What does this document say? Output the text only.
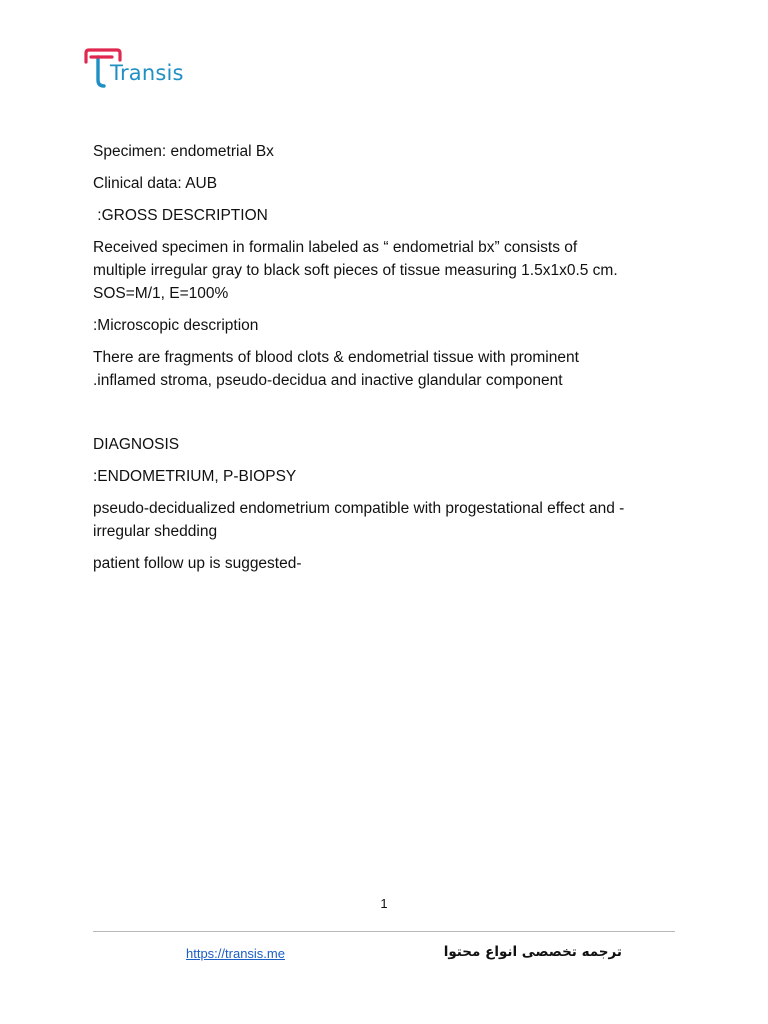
Transis

Specimen: endometrial Bx

Clinical data: AUB

:GROSS DESCRIPTION

Received specimen in formalin labeled as “ endometrial bx” consists of
multiple irregular gray to black soft pieces of tissue measuring 1.5x1x0.5 cm.
SOS=M/1, E=100%

:Microscopic description

There are fragments of blood clots & endometrial tissue with prominent
.inflamed stroma, pseudo-decidua and inactive glandular component

DIAGNOSIS

:ENDOMETRIUM, P-BIOPSY

pseudo-decidualized endometrium compatible with progestational effect and -
irregular shedding

patient follow up is suggested-

1
https://transis.me	ترجمه تخصصی انواع محتوا
